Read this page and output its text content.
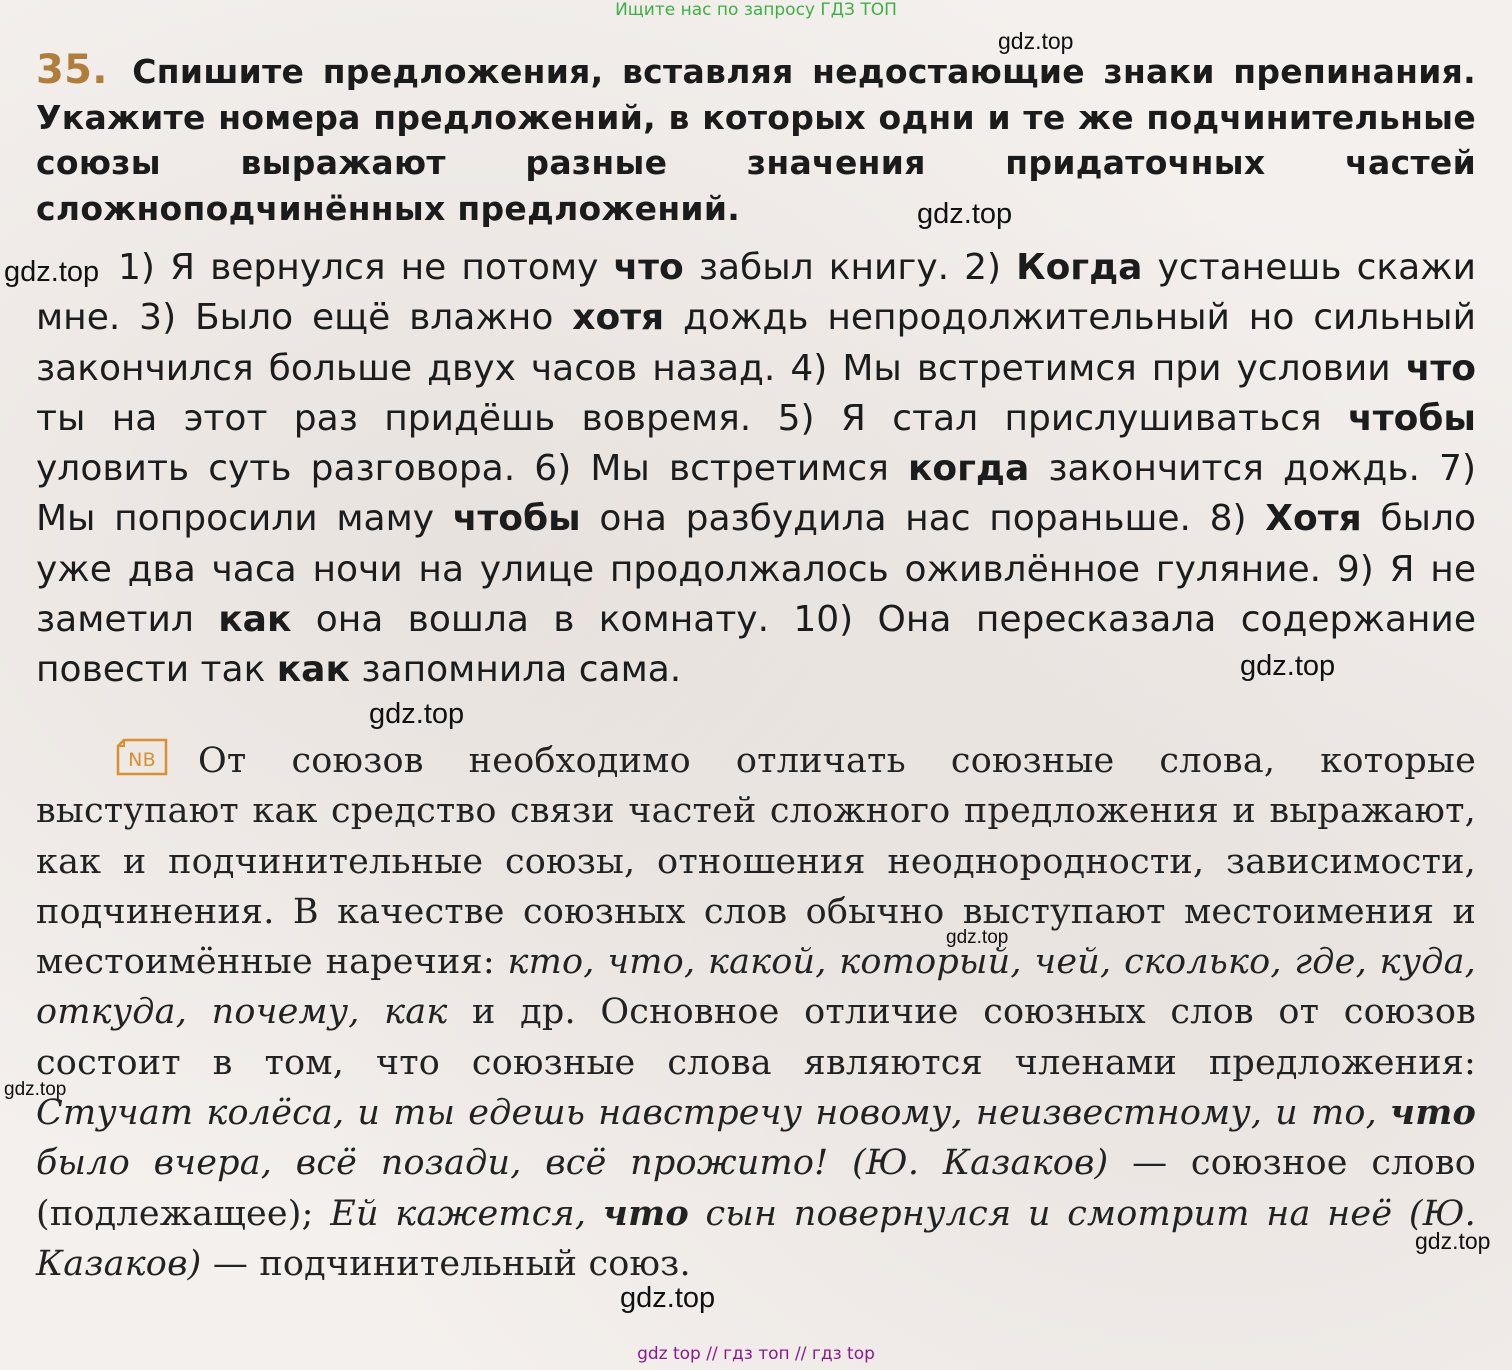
Ищите нас по запросу ГДЗ ТОП
35. Спишите предложения, вставляя недостающие знаки препинания. Укажите номера предложений, в которых одни и те же подчинительные союзы выражают разные значения придаточных частей сложноподчинённых предложений.
1) Я вернулся не потому что забыл книгу. 2) Когда устанешь скажи мне. 3) Было ещё влажно хотя дождь непродолжительный но сильный закончился больше двух часов назад. 4) Мы встретимся при условии что ты на этот раз придёшь вовремя. 5) Я стал прислушиваться чтобы уловить суть разговора. 6) Мы встретимся когда закончится дождь. 7) Мы попросили маму чтобы она разбудила нас пораньше. 8) Хотя было уже два часа ночи на улице продолжалось оживлённое гуляние. 9) Я не заметил как она вошла в комнату. 10) Она пересказала содержание повести так как запомнила сама.
NB От союзов необходимо отличать союзные слова, которые выступают как средство связи частей сложного предложения и выражают, как и подчинительные союзы, отношения неоднородности, зависимости, подчинения. В качестве союзных слов обычно выступают местоимения и местоимённые наречия: кто, что, какой, который, чей, сколько, где, куда, откуда, почему, как и др. Основное отличие союзных слов от союзов состоит в том, что союзные слова являются членами предложения: Стучат колёса, и ты едешь навстречу новому, неизвестному, и то, что было вчера, всё позади, всё прожито! (Ю. Казаков) — союзное слово (подлежащее); Ей кажется, что сын повернулся и смотрит на неё (Ю. Казаков) — подчинительный союз.
gdz.top
gdz.top
gdz.top
gdz.top
gdz.top
gdz.top
gdz.top
gdz.top
gdz.top
gdz top // гдз топ // гдз top
